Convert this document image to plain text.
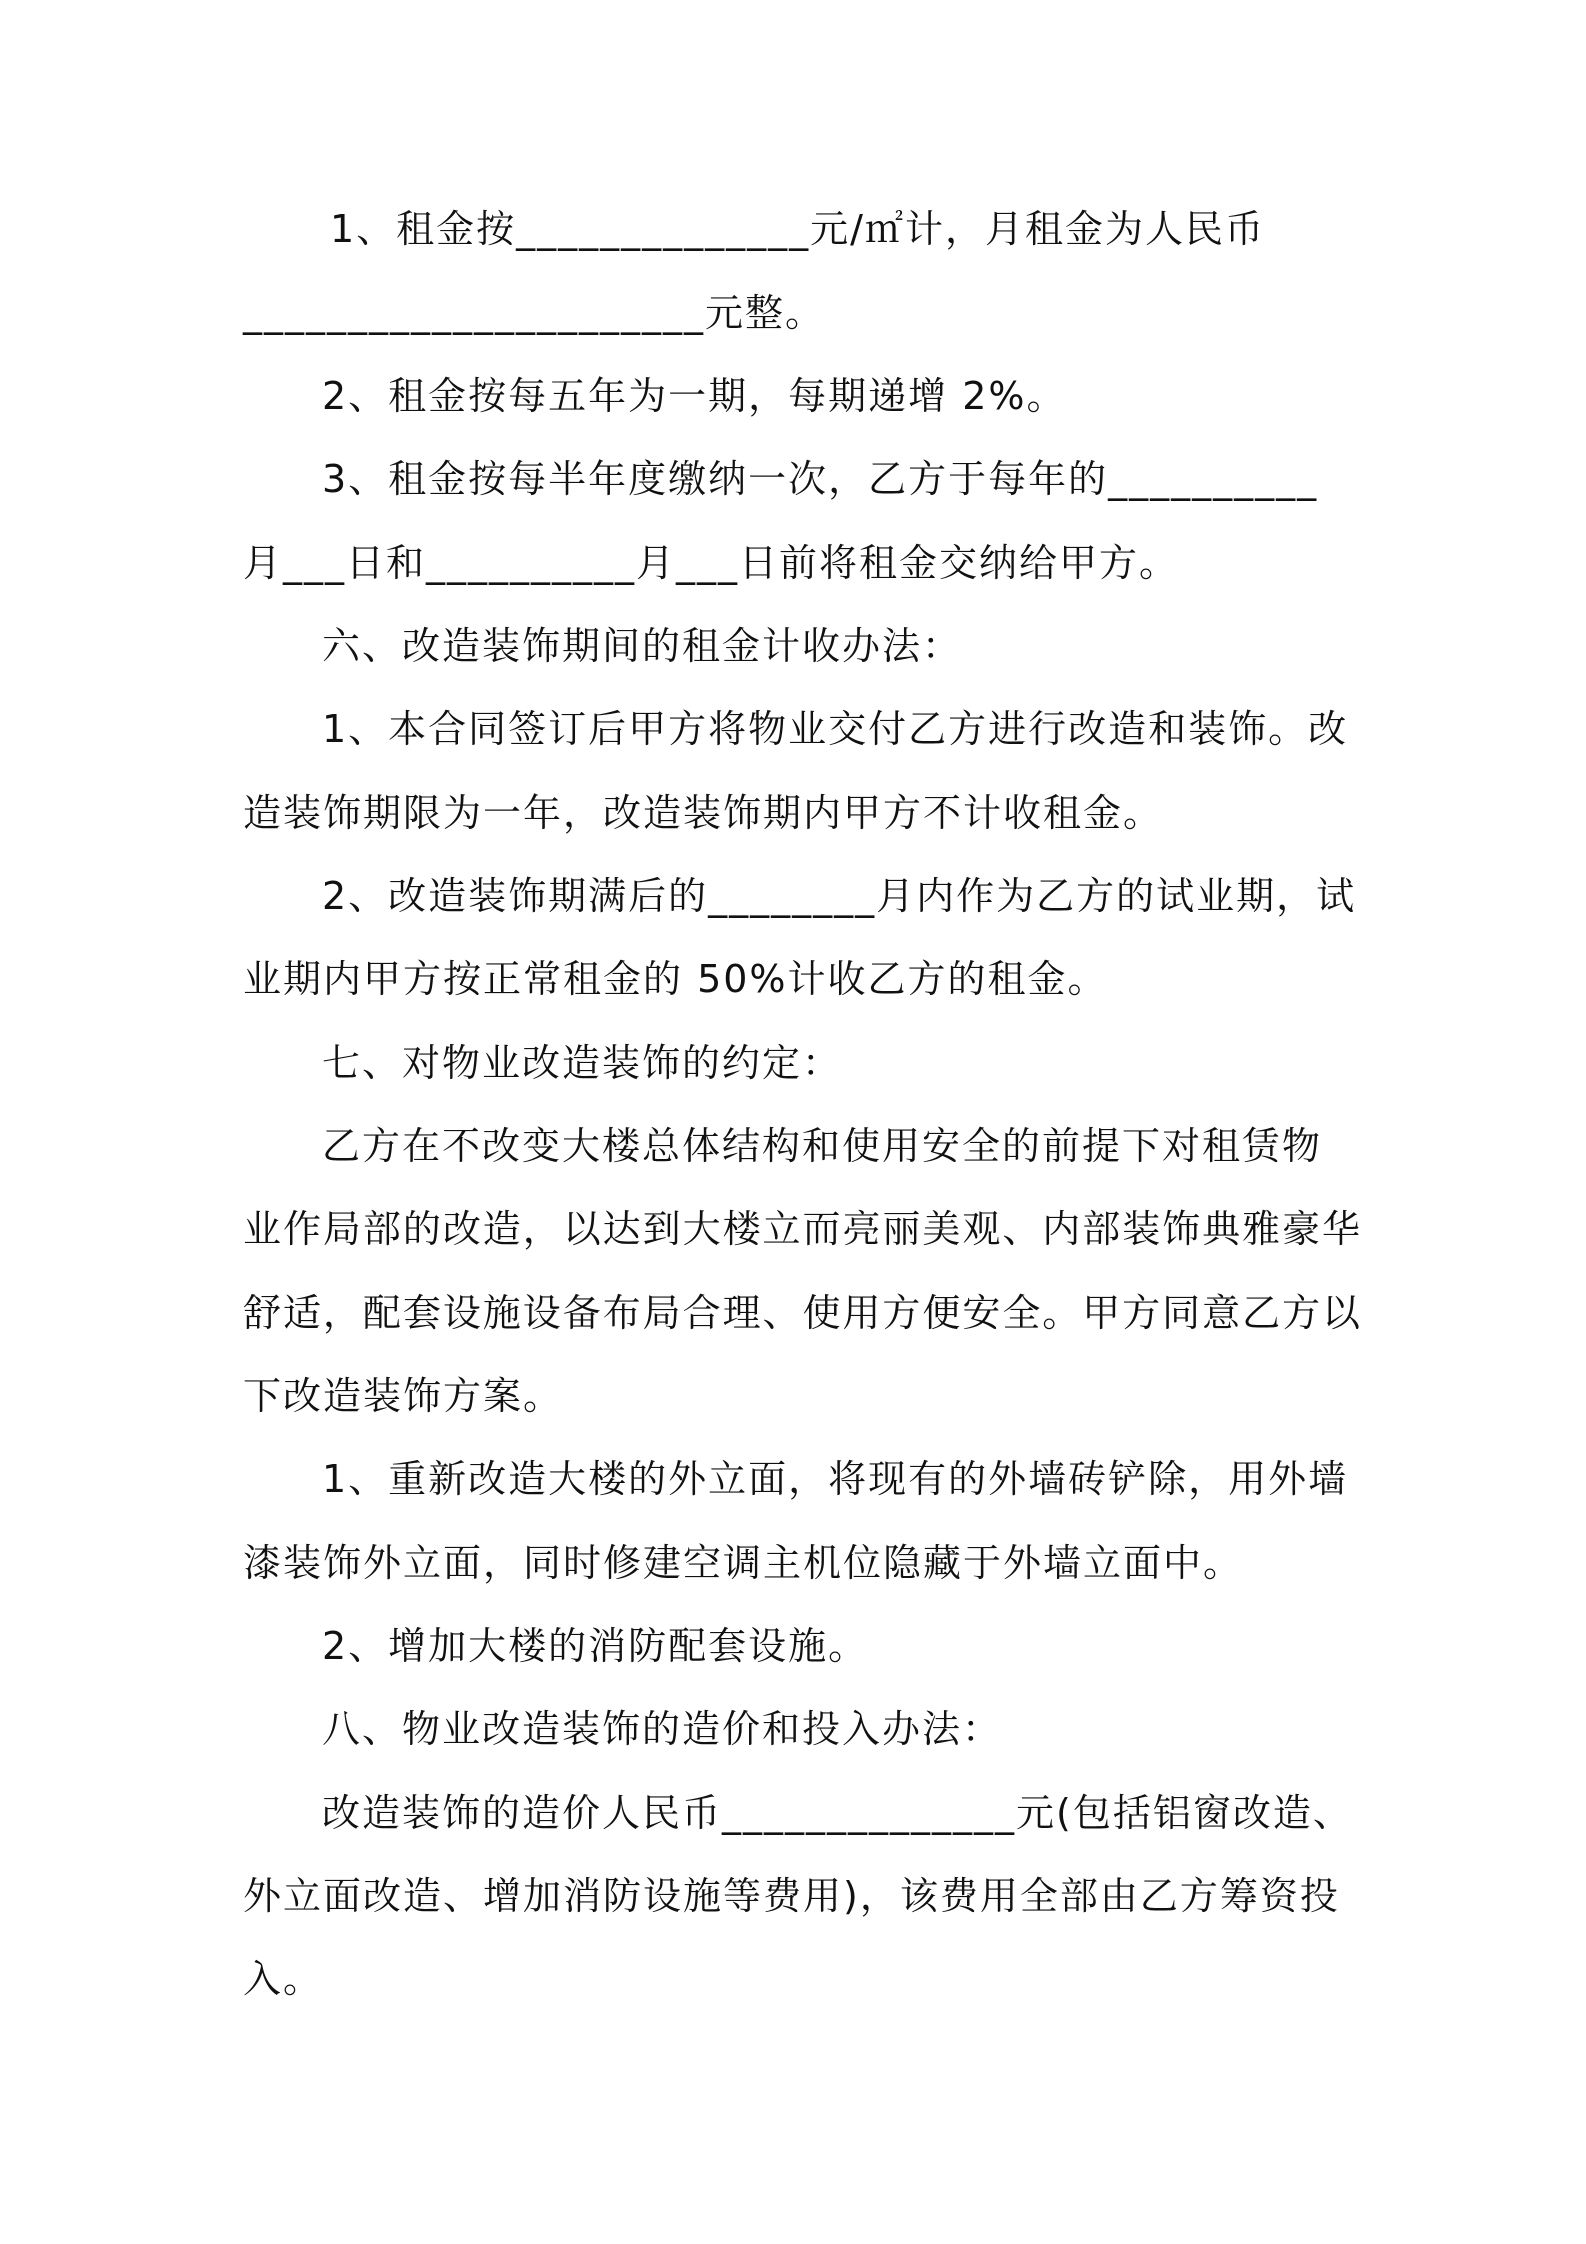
1、租金按______________元/㎡计，月租金为人民币

______________________元整。

2、租金按每五年为一期，每期递增 2%。

3、租金按每半年度缴纳一次，乙方于每年的__________

月___日和__________月___日前将租金交纳给甲方。

六、改造装饰期间的租金计收办法：

1、本合同签订后甲方将物业交付乙方进行改造和装饰。改

造装饰期限为一年，改造装饰期内甲方不计收租金。

2、改造装饰期满后的________月内作为乙方的试业期，试

业期内甲方按正常租金的 50%计收乙方的租金。

七、对物业改造装饰的约定：

乙方在不改变大楼总体结构和使用安全的前提下对租赁物

业作局部的改造，以达到大楼立而亮丽美观、内部装饰典雅豪华

舒适，配套设施设备布局合理、使用方便安全。甲方同意乙方以

下改造装饰方案。

1、重新改造大楼的外立面，将现有的外墙砖铲除，用外墙

漆装饰外立面，同时修建空调主机位隐藏于外墙立面中。

2、增加大楼的消防配套设施。

八、物业改造装饰的造价和投入办法：

改造装饰的造价人民币______________元(包括铝窗改造、

外立面改造、增加消防设施等费用)，该费用全部由乙方筹资投

入。
